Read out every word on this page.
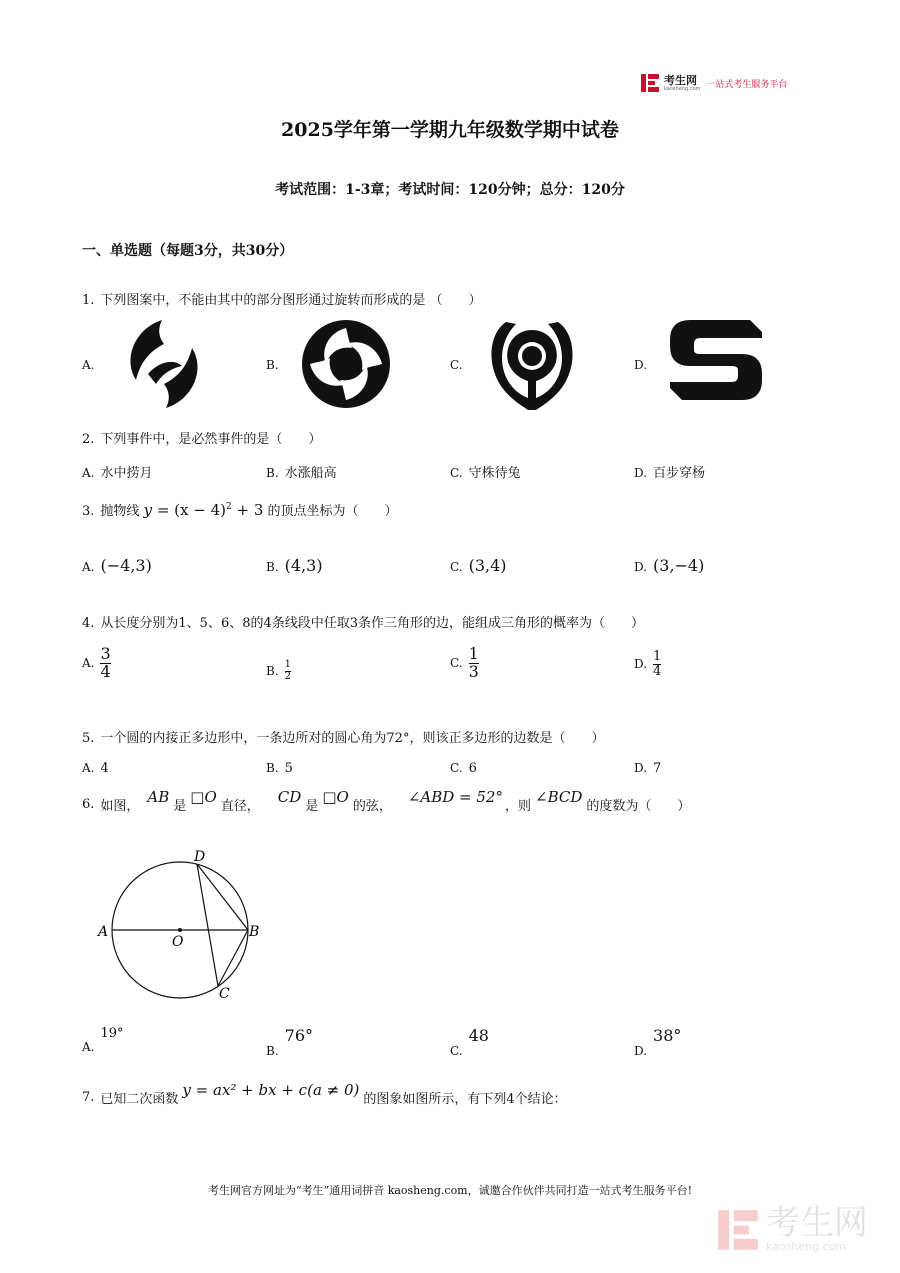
考生网
kaosheng.com 一站式考生服务平台
2025学年第一学期九年级数学期中试卷
考试范围：1-3章；考试时间：120分钟；总分：120分
一、单选题（每题3分，共30分）
1. 下列图案中，不能由其中的部分图形通过旋转而形成的是 （　　）
A.	B.	C.	D.
2. 下列事件中，是必然事件的是（　　）
A. 水中捞月	B. 水涨船高	C. 守株待兔	D. 百步穿杨
3. 抛物线 $y = (x - 4)^2 + 3$ 的顶点坐标为（　　）
A. (−4,3)	B. (4,3)	C. (3,4)	D. (3,−4)
4. 从长度分别为1、5、6、8的4条线段中任取3条作三角形的边，能组成三角形的概率为（　　）
A. $\frac{3}{4}$	B. $\frac{1}{2}$	C. $\frac{1}{3}$	D. $\frac{1}{4}$
5. 一个圆的内接正多边形中，一条边所对的圆心角为72°，则该正多边形的边数是（　　）
A. 4	B. 5	C. 6	D. 7
6. 如图，
AB
是
□O
直径，
CD
是
□O
的弦，
∠ABD = 52°
，则
∠BCD
的度数为（　　）
A	B
C
D
O
A.19°
B.76°
C.48
D.38°
7. 已知二次函数
y = ax² + bx + c(a ≠ 0)
的图象如图所示，有下列4个结论：
考生网官方网址为“考生”通用词拼音 kaosheng.com，诚邀合作伙伴共同打造一站式考生服务平台!
考生网
kaosheng.com
